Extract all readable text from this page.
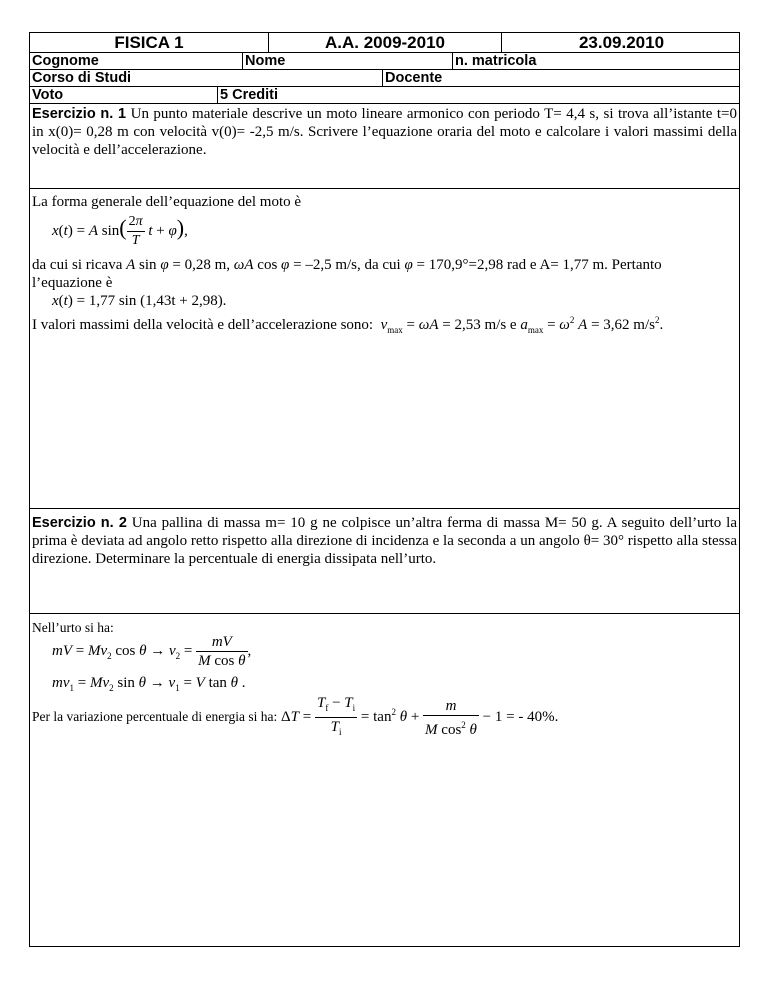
FISICA 1	A.A. 2009-2010	23.09.2010
Cognome	Nome	n. matricola
Corso di Studi	Docente
Voto	5 Crediti
Esercizio n. 1 Un punto materiale descrive un moto lineare armonico con periodo T= 4,4 s, si trova all’istante t=0 in x(0)= 0,28 m con velocità v(0)= -2,5 m/s. Scrivere l’equazione oraria del moto e calcolare i valori massimi della velocità e dell’accelerazione.
La forma generale dell’equazione del moto è
x(t) = A $\sin( \frac{2\pi}{T}$ t + φ),
da cui si ricava A sin φ = 0,28 m, ωA cos φ = –2,5 m/s, da cui φ = 170,9°=2,98 rad e A= 1,77 m. Pertanto
l’equazione è
x(t) = 1,77 sin (1,43t + 2,98).
I valori massimi della velocità e dell’accelerazione sono: $v_{max} = \omega A = 2,53$ m/s e $a_{max} = \omega^2$ A = 3,62 $m/s^2$.
Esercizio n. 2 Una pallina di massa m= 10 g ne colpisce un’altra ferma di massa M= 50 g. A seguito dell’urto la prima è deviata ad angolo retto rispetto alla direzione di incidenza e la seconda a un angolo θ= 30° rispetto alla stessa direzione. Determinare la percentuale di energia dissipata nell’urto.
Nell’urto si ha:
mV = $Mv_2$ $\cos \theta \to v_2 = \frac{mV}{\text{M cos θ}}$ ,
$mv_1 = Mv_2$ $\sin \theta \to v_1 = V$ tan θ .
Per la variazione percentuale di energia si ha: $\Delta T = \frac{T_f - T_i}{T_i} = \tan^2 \theta + \frac{m}{M \cos^2 \theta} - 1$ = - 40%.
